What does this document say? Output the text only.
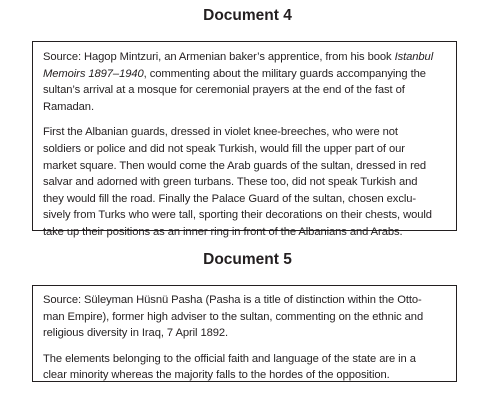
Document 4

Source: Hagop Mintzuri, an Armenian baker’s apprentice, from his book Istanbul
Memoirs 1897–1940, commenting about the military guards accompanying the
sultan’s arrival at a mosque for ceremonial prayers at the end of the fast of Ramadan.

First the Albanian guards, dressed in violet knee-breeches, who were not
soldiers or police and did not speak Turkish, would fill the upper part of our
market square. Then would come the Arab guards of the sultan, dressed in red
salvar and adorned with green turbans. These too, did not speak Turkish and
they would fill the road. Finally the Palace Guard of the sultan, chosen exclu-
sively from Turks who were tall, sporting their decorations on their chests, would
take up their positions as an inner ring in front of the Albanians and Arabs.

Document 5

Source: Süleyman Hüsnü Pasha (Pasha is a title of distinction within the Otto-
man Empire), former high adviser to the sultan, commenting on the ethnic and
religious diversity in Iraq, 7 April 1892.

The elements belonging to the official faith and language of the state are in a
clear minority whereas the majority falls to the hordes of the opposition.
